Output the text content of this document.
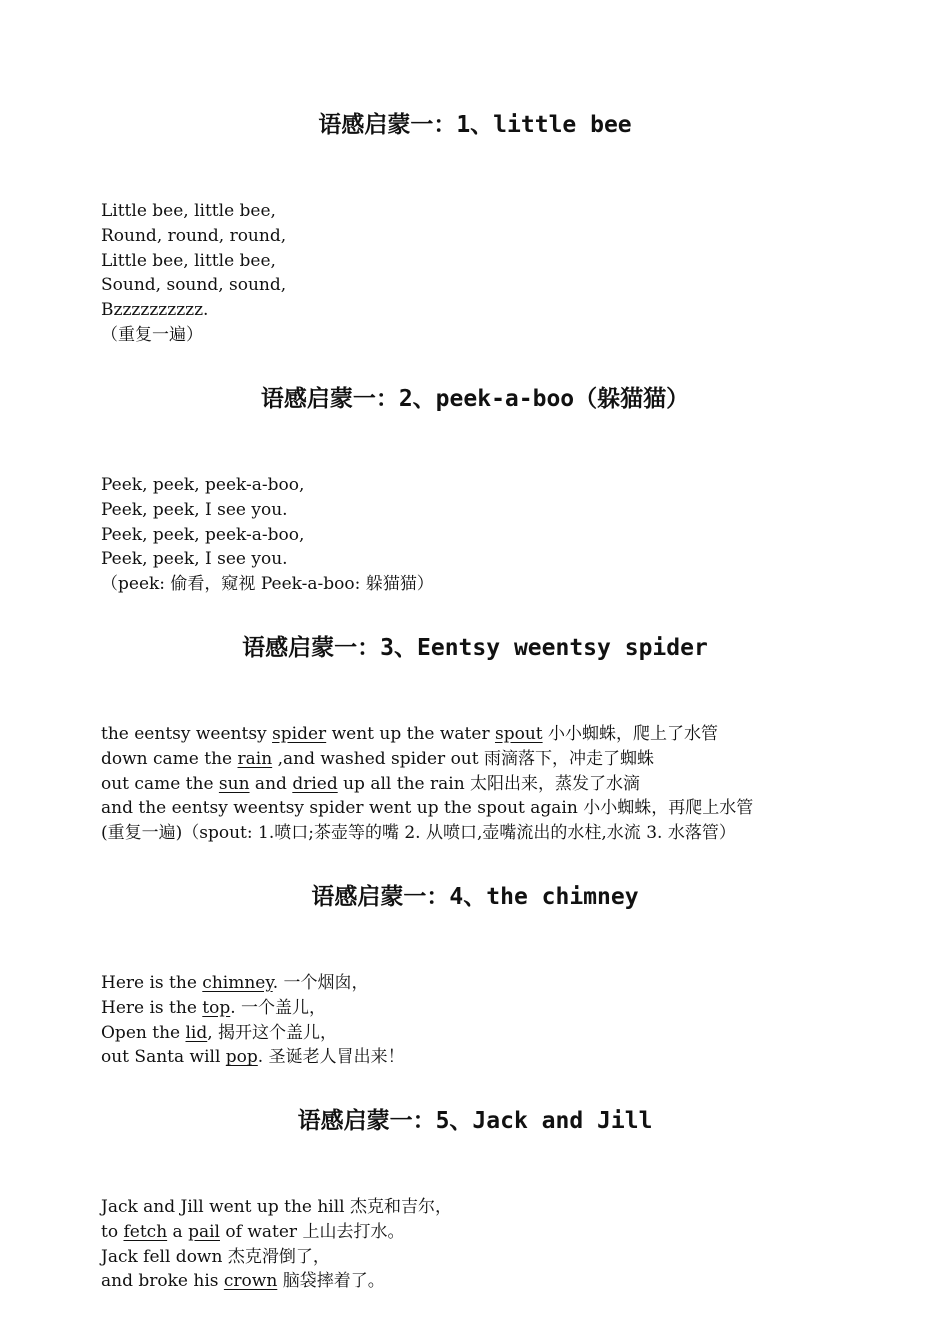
语感启蒙一：1、little bee
Little bee, little bee,
Round, round, round,
Little bee, little bee,
Sound, sound, sound,
Bzzzzzzzzzz.
（重复一遍）
语感启蒙一：2、peek-a-boo（躲猫猫）
Peek, peek, peek-a-boo,
Peek, peek, I see you.
Peek, peek, peek-a-boo,
Peek, peek, I see you.
（peek: 偷看，窥视 Peek-a-boo: 躲猫猫）
语感启蒙一：3、Eentsy weentsy spider
the eentsy weentsy spider went up the water spout 小小蜘蛛，爬上了水管
down came the rain ,and washed spider out 雨滴落下，冲走了蜘蛛
out came the sun and dried up all the rain 太阳出来，蒸发了水滴
and the eentsy weentsy spider went up the spout again 小小蜘蛛，再爬上水管
(重复一遍)（spout: 1.喷口;茶壶等的嘴 2. 从喷口,壶嘴流出的水柱,水流 3. 水落管）
语感启蒙一：4、the chimney
Here is the chimney. 一个烟囱，
Here is the top. 一个盖儿，
Open the lid, 揭开这个盖儿，
out Santa will pop. 圣诞老人冒出来！
语感启蒙一：5、Jack and Jill
Jack and Jill went up the hill 杰克和吉尔，
to fetch a pail of water 上山去打水。
Jack fell down 杰克滑倒了，
and broke his crown 脑袋摔着了。
